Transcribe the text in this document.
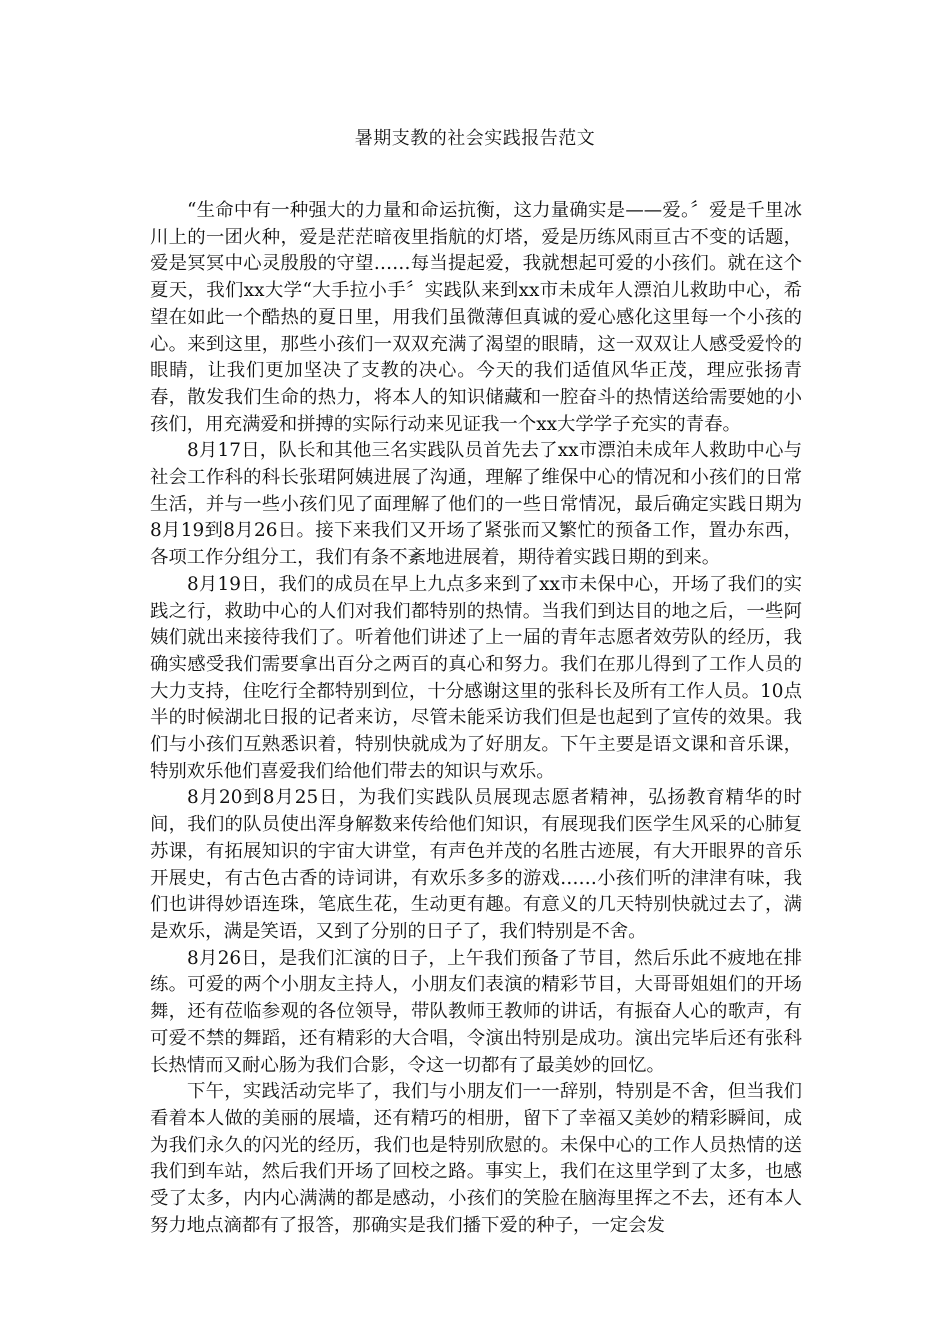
暑期支教的社会实践报告范文

“生命中有一种强大的力量和命运抗衡，这力量确实是——爱。〞爱是千里冰川上的一团火种，爱是茫茫暗夜里指航的灯塔，爱是历练风雨亘古不变的话题，爱是冥冥中心灵殷殷的守望……每当提起爱，我就想起可爱的小孩们。就在这个夏天，我们xx大学“大手拉小手〞实践队来到xx市未成年人漂泊儿救助中心，希望在如此一个酷热的夏日里，用我们虽微薄但真诚的爱心感化这里每一个小孩的心。来到这里，那些小孩们一双双充满了渴望的眼睛，这一双双让人感受爱怜的眼睛，让我们更加坚决了支教的决心。今天的我们适值风华正茂，理应张扬青春，散发我们生命的热力，将本人的知识储藏和一腔奋斗的热情送给需要她的小孩们，用充满爱和拼搏的实际行动来见证我一个xx大学学子充实的青春。

8月17日，队长和其他三名实践队员首先去了xx市漂泊未成年人救助中心与社会工作科的科长张珺阿姨进展了沟通，理解了维保中心的情况和小孩们的日常生活，并与一些小孩们见了面理解了他们的一些日常情况，最后确定实践日期为8月19到8月26日。接下来我们又开场了紧张而又繁忙的预备工作，置办东西，各项工作分组分工，我们有条不紊地进展着，期待着实践日期的到来。

8月19日，我们的成员在早上九点多来到了xx市未保中心，开场了我们的实践之行，救助中心的人们对我们都特别的热情。当我们到达目的地之后，一些阿姨们就出来接待我们了。听着他们讲述了上一届的青年志愿者效劳队的经历，我确实感受我们需要拿出百分之两百的真心和努力。我们在那儿得到了工作人员的大力支持，住吃行全都特别到位，十分感谢这里的张科长及所有工作人员。10点半的时候湖北日报的记者来访，尽管未能采访我们但是也起到了宣传的效果。我们与小孩们互熟悉识着，特别快就成为了好朋友。下午主要是语文课和音乐课，特别欢乐他们喜爱我们给他们带去的知识与欢乐。

8月20到8月25日，为我们实践队员展现志愿者精神，弘扬教育精华的时间，我们的队员使出浑身解数来传给他们知识，有展现我们医学生风采的心肺复苏课，有拓展知识的宇宙大讲堂，有声色并茂的名胜古迹展，有大开眼界的音乐开展史，有古色古香的诗词讲，有欢乐多多的游戏……小孩们听的津津有味，我们也讲得妙语连珠，笔底生花，生动更有趣。有意义的几天特别快就过去了，满是欢乐，满是笑语，又到了分别的日子了，我们特别是不舍。

8月26日，是我们汇演的日子，上午我们预备了节目，然后乐此不疲地在排练。可爱的两个小朋友主持人，小朋友们表演的精彩节目，大哥哥姐姐们的开场舞，还有莅临参观的各位领导，带队教师王教师的讲话，有振奋人心的歌声，有可爱不禁的舞蹈，还有精彩的大合唱，令演出特别是成功。演出完毕后还有张科长热情而又耐心肠为我们合影，令这一切都有了最美妙的回忆。

下午，实践活动完毕了，我们与小朋友们一一辞别，特别是不舍，但当我们看着本人做的美丽的展墙，还有精巧的相册，留下了幸福又美妙的精彩瞬间，成为我们永久的闪光的经历，我们也是特别欣慰的。未保中心的工作人员热情的送我们到车站，然后我们开场了回校之路。事实上，我们在这里学到了太多，也感受了太多，内内心满满的都是感动，小孩们的笑脸在脑海里挥之不去，还有本人努力地点滴都有了报答，那确实是我们播下爱的种子，一定会发
